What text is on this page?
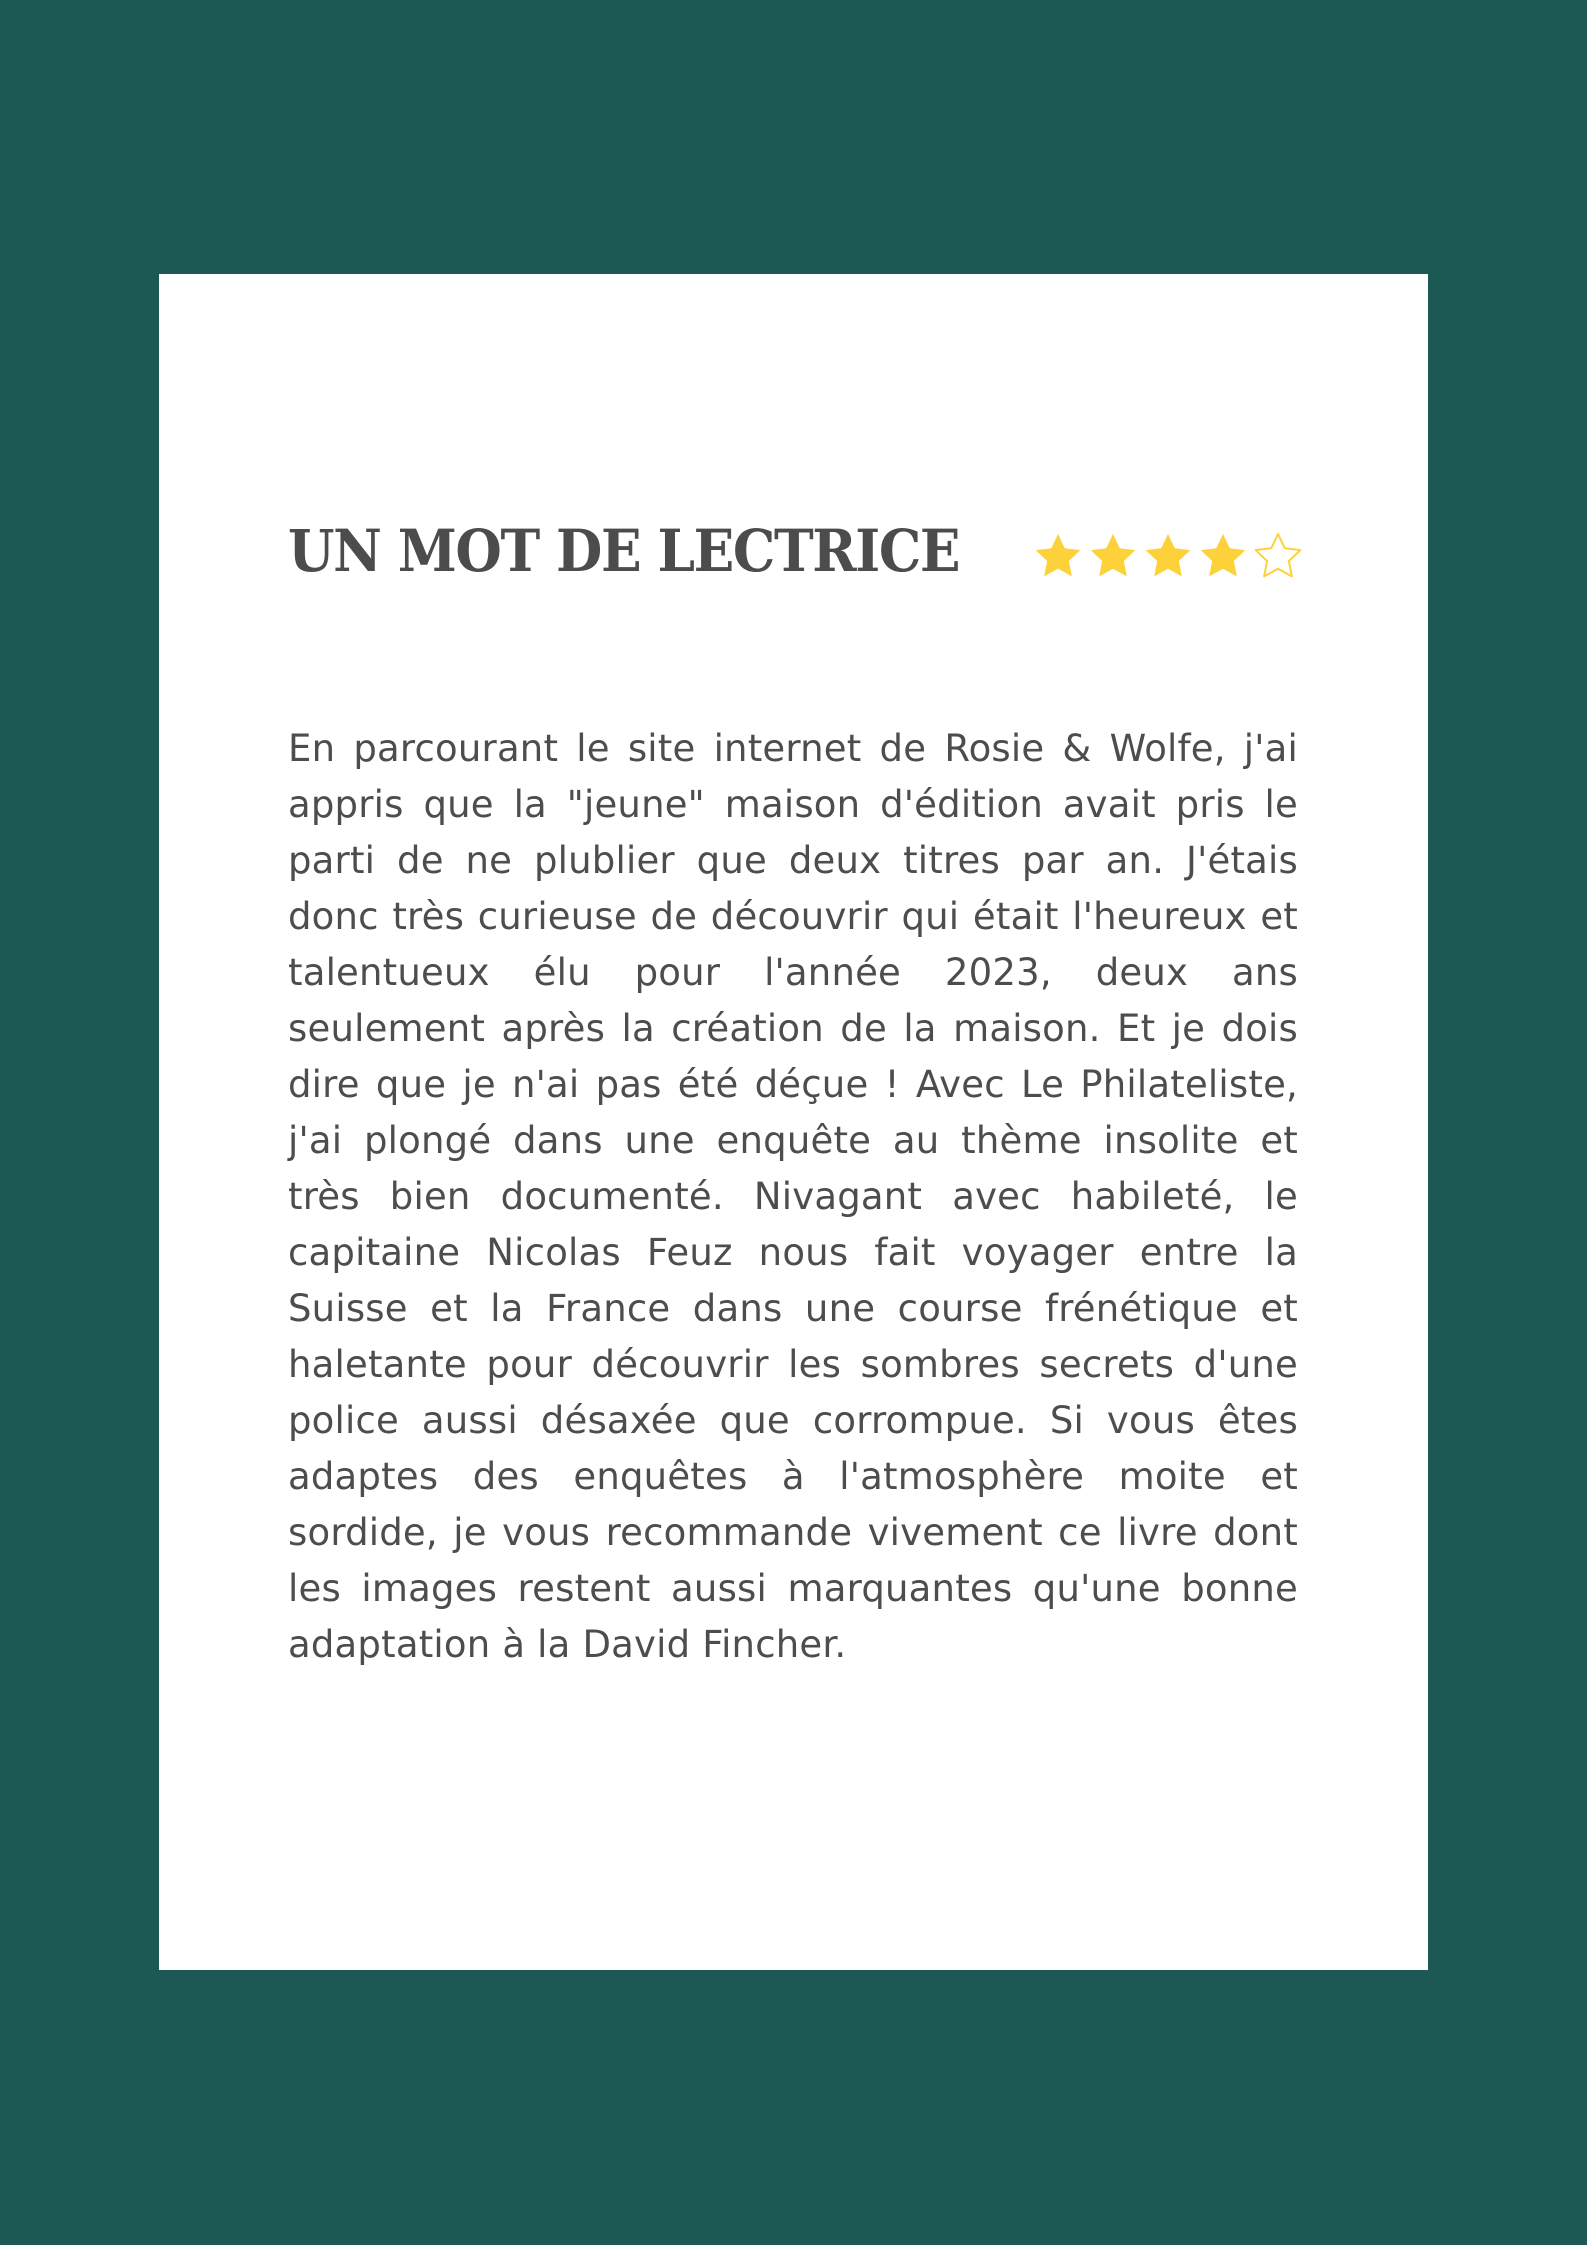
UN MOT DE LECTRICE

En parcourant le site internet de Rosie & Wolfe, j'ai appris que la "jeune" maison d'édition avait pris le parti de ne plublier que deux titres par an. J'étais donc très curieuse de découvrir qui était l'heureux et talentueux élu pour l'année 2023, deux ans seulement après la création de la maison. Et je dois dire que je n'ai pas été déçue ! Avec Le Philateliste, j'ai plongé dans une enquête au thème insolite et très bien documenté. Nivagant avec habileté, le capitaine Nicolas Feuz nous fait voyager entre la Suisse et la France dans une course frénétique et haletante pour découvrir les sombres secrets d'une police aussi désaxée que corrompue. Si vous êtes adaptes des enquêtes à l'atmosphère moite et sordide, je vous recommande vivement ce livre dont les images restent aussi marquantes qu'une bonne adaptation à la David Fincher.
